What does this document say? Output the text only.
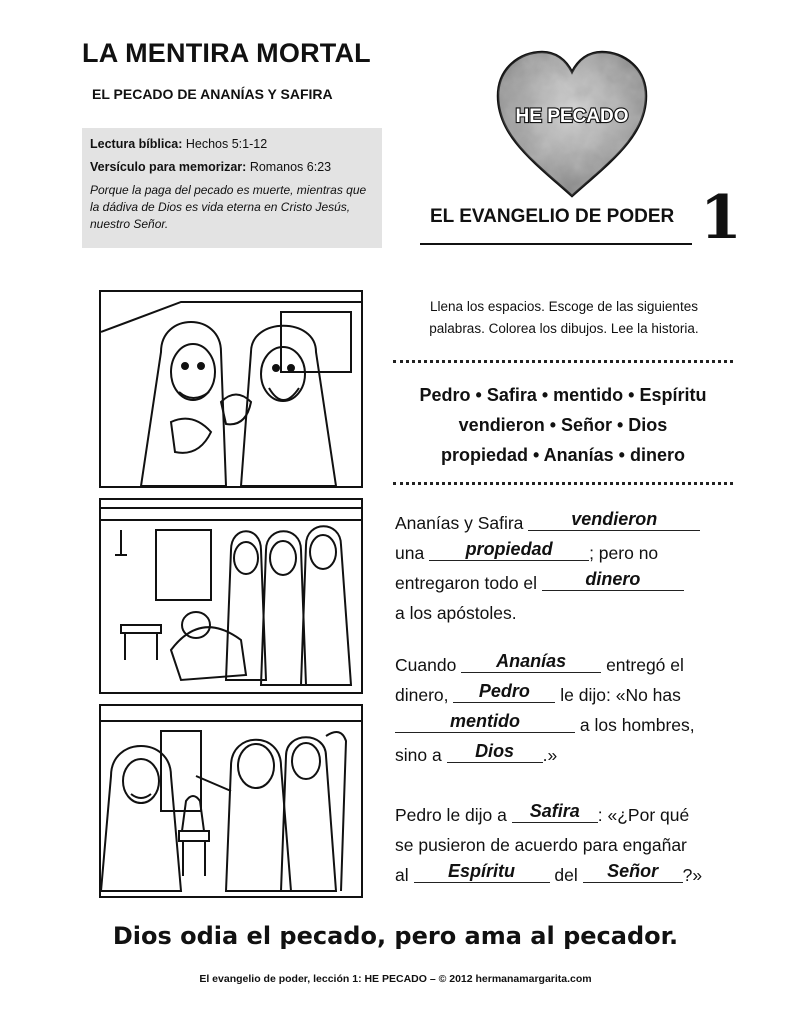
LA MENTIRA MORTAL
EL PECADO DE ANANÍAS Y SAFIRA
Lectura bíblica: Hechos 5:1-12
Versículo para memorizar: Romanos 6:23
Porque la paga del pecado es muerte, mientras que
la dádiva de Dios es vida eterna en Cristo Jesús,
nuestro Señor.
HE PECADO
EL EVANGELIO DE PODER 1
Llena los espacios. Escoge de las siguientes
palabras. Colorea los dibujos. Lee la historia.
Pedro • Safira • mentido • Espíritu
vendieron • Señor • Dios
propiedad • Ananías • dinero
Ananías y Safira	vendieron
una propiedad ; pero no
entregaron todo el	dinero
a los apóstoles.
Cuando Ananías entregó el
dinero, Pedro le dijo: «No has
mentido	a los hombres,
sino a Dios .»
Pedro le dijo a Safira : «¿Por qué
se pusieron de acuerdo para engañar
al Espíritu del Señor ?»
Dios odia el pecado, pero ama al pecador.
El evangelio de poder, lección 1: HE PECADO – © 2012 hermanamargarita.com
